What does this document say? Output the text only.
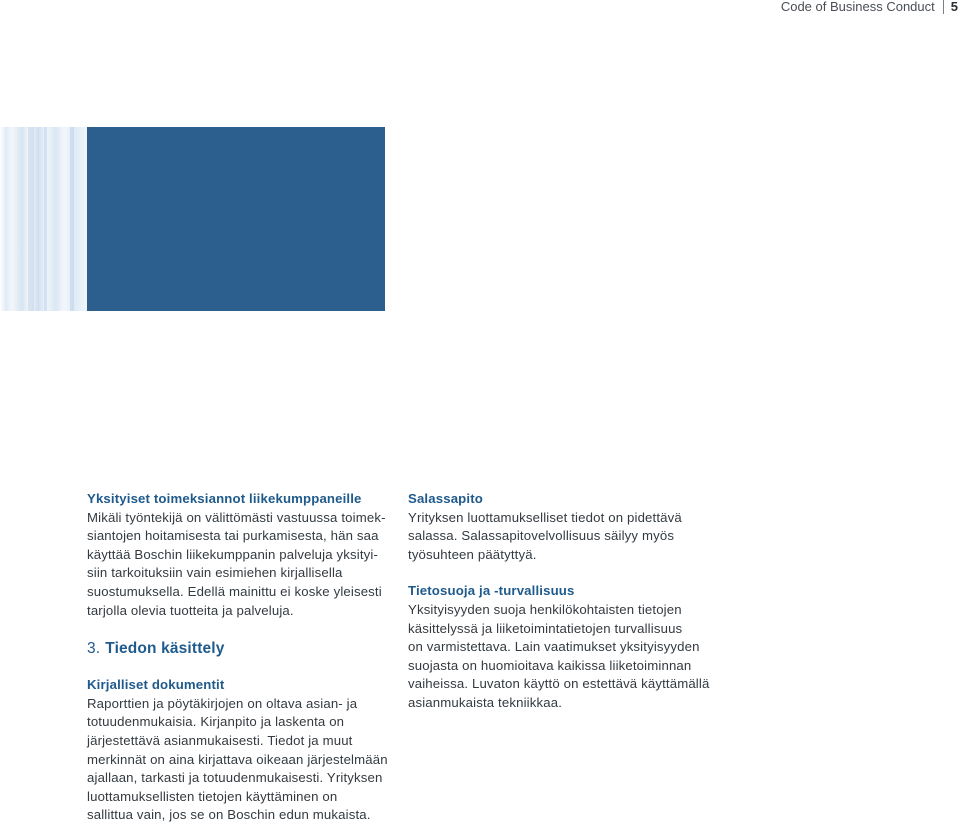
Code of Business Conduct	5

Yksityiset toimeksiannot liikekumppaneille

Mikäli työntekijä on välittömästi vastuussa toimek-
siantojen hoitamisesta tai purkamisesta, hän saa
käyttää Boschin liikekumppanin palveluja yksityi-
siin tarkoituksiin vain esimiehen kirjallisella
suostumuksella. Edellä mainittu ei koske yleisesti
tarjolla olevia tuotteita ja palveluja.

3. Tiedon käsittely

Kirjalliset dokumentit

Raporttien ja pöytäkirjojen on oltava asian- ja
totuudenmukaisia. Kirjanpito ja laskenta on
järjestettävä asianmukaisesti. Tiedot ja muut
merkinnät on aina kirjattava oikeaan järjestelmään
ajallaan, tarkasti ja totuudenmukaisesti. Yrityksen
luottamuksellisten tietojen käyttäminen on
sallittua vain, jos se on Boschin edun mukaista.

Salassapito

Yrityksen luottamukselliset tiedot on pidettävä
salassa. Salassapitovelvollisuus säilyy myös
työsuhteen päätyttyä.

Tietosuoja ja -turvallisuus

Yksityisyyden suoja henkilökohtaisten tietojen
käsittelyssä ja liiketoimintatietojen turvallisuus
on varmistettava. Lain vaatimukset yksityisyyden
suojasta on huomioitava kaikissa liiketoiminnan
vaiheissa. Luvaton käyttö on estettävä käyttämällä
asianmukaista tekniikkaa.
